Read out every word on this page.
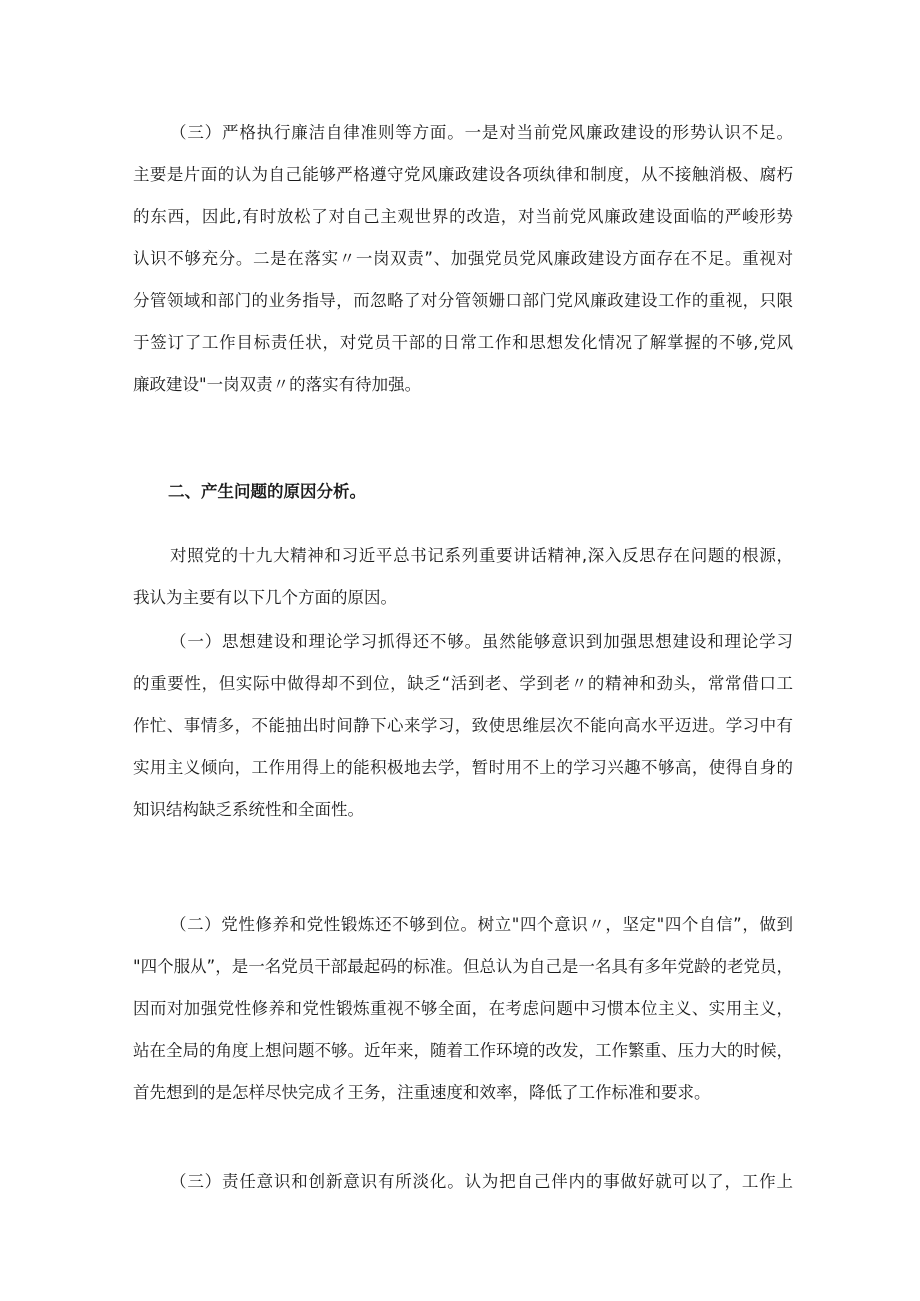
（三）严格执行廉洁自律准则等方面。一是对当前党风廉政建设的形势认识不足。
主要是片面的认为自己能够严格遵守党风廉政建设各项纨律和制度，从不接触消极、腐朽
的东西，因此,有时放松了对自己主观世界的改造，对当前党风廉政建设面临的严峻形势
认识不够充分。二是在落实〃一岗双责”、加强党员党风廉政建设方面存在不足。重视对
分管领域和部门的业务指导，而忽略了对分管领姗口部门党风廉政建设工作的重视，只限
于签订了工作目标责任状，对党员干部的日常工作和思想发化情况了解掌握的不够,党风
廉政建设"一岗双责〃的落实有待加强。
二、产生问题的原因分析。
对照党的十九大精神和习近平总书记系列重要讲话精神,深入反思存在问题的根源，
我认为主要有以下几个方面的原因。
（一）思想建设和理论学习抓得还不够。虽然能够意识到加强思想建设和理论学习
的重要性，但实际中做得却不到位，缺乏“活到老、学到老〃的精神和劲头，常常借口工
作忙、事情多，不能抽出时间静下心来学习，致使思维层次不能向高水平迈进。学习中有
实用主义倾向，工作用得上的能积极地去学，暂时用不上的学习兴趣不够高，使得自身的
知识结构缺乏系统性和全面性。
（二）党性修养和党性锻炼还不够到位。树立"四个意识〃，坚定"四个自信”，做到
"四个服从”，是一名党员干部最起码的标准。但总认为自己是一名具有多年党龄的老党员，
因而对加强党性修养和党性锻炼重视不够全面，在考虑问题中习惯本位主义、实用主义，
站在全局的角度上想问题不够。近年来，随着工作环境的改发，工作繁重、压力大的时候，
首先想到的是怎样尽快完成彳王务，注重速度和效率，降低了工作标准和要求。
（三）责任意识和创新意识有所淡化。认为把自己伴内的事做好就可以了，工作上
